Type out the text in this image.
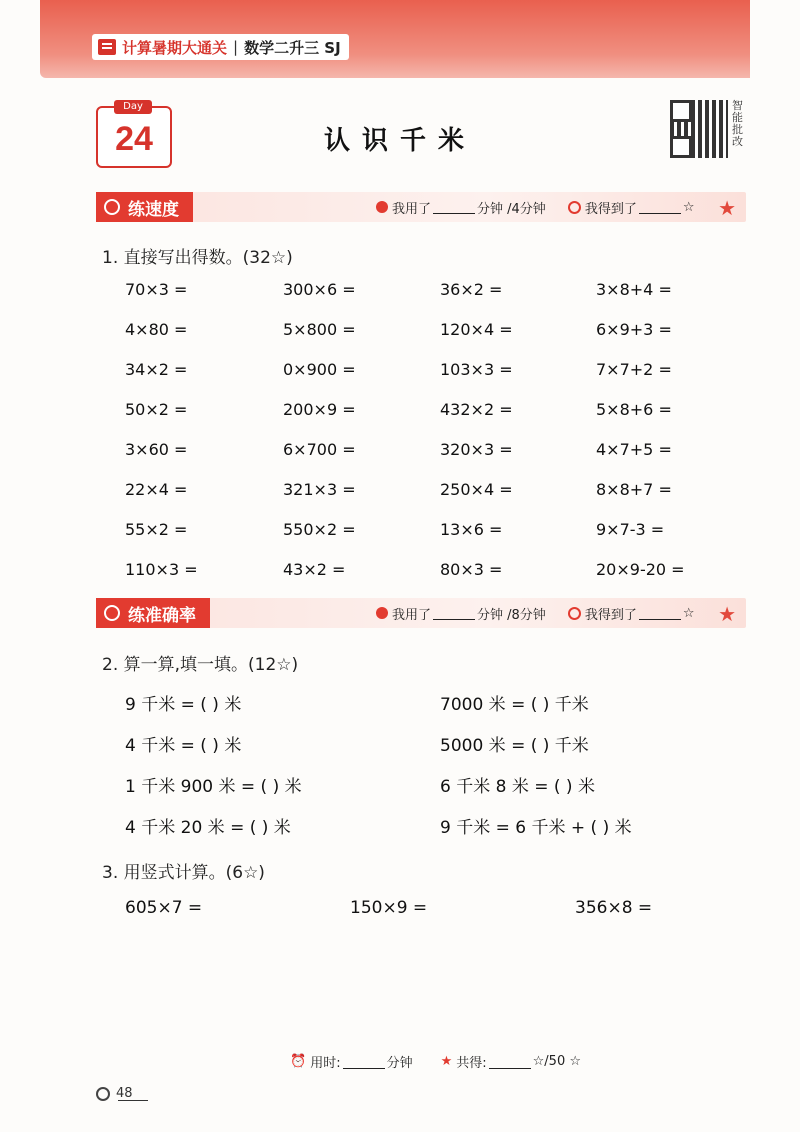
计算暑期大通关 | 数学二升三 SJ
Day
24	认识千米
智能批改
练速度	我用了	分钟 /4分钟	我得到了	☆ ★
1. 直接写出得数。(32☆)
70×3 =	300×6 =	36×2 =	3×8+4 =
4×80 =	5×800 =	120×4 =	6×9+3 =
34×2 =	0×900 =	103×3 =	7×7+2 =
50×2 =	200×9 =	432×2 =	5×8+6 =
3×60 =	6×700 =	320×3 =	4×7+5 =
22×4 =	321×3 =	250×4 =	8×8+7 =
55×2 =	550×2 =	13×6 =	9×7-3 =
110×3 =	43×2 =	80×3 =	20×9-20 =
练准确率	我用了	分钟 /8分钟	我得到了	☆ ★
2. 算一算,填一填。(12☆)
9 千米 = ( ) 米	7000 米 = ( ) 千米
4 千米 = ( ) 米	5000 米 = ( ) 千米
1 千米 900 米 = ( ) 米	6 千米 8 米 = ( ) 米
4 千米 20 米 = ( ) 米	9 千米 = 6 千米 + ( ) 米
3. 用竖式计算。(6☆)
605×7 =	150×9 =	356×8 =
⏰ 用时:	分钟 ★ 共得:	☆/50 ☆
48
